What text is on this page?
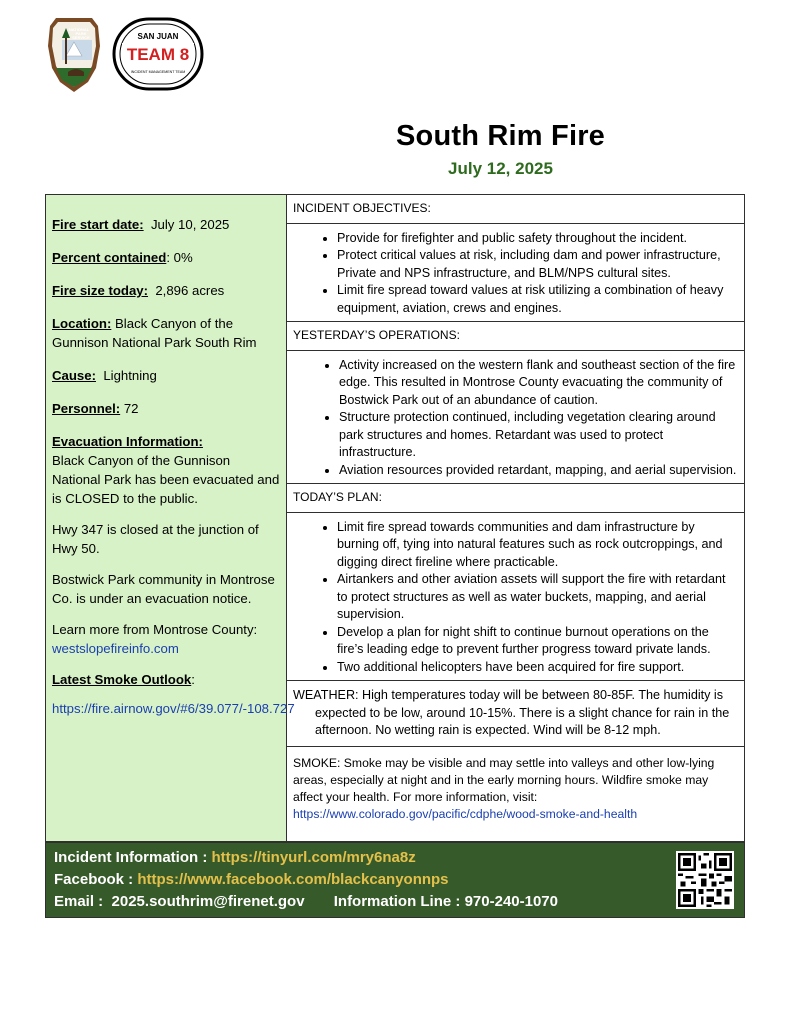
NATIONAL
PARK
SERVICE	SAN JUAN
TEAM 8
INCIDENT MANAGEMENT TEAM
South Rim Fire
July 12, 2025

Fire start date: July 10, 2025

Percent contained: 0%

Fire size today: 2,896 acres

Location: Black Canyon of the Gunnison National Park South Rim

Cause: Lightning

Personnel: 72

Evacuation Information:
Black Canyon of the Gunnison National Park has been evacuated and is CLOSED to the public.

Hwy 347 is closed at the junction of Hwy 50.

Bostwick Park community in Montrose Co. is under an evacuation notice.

Learn more from Montrose County:
westslopefireinfo.com

Latest Smoke Outlook:

https://fire.airnow.gov/#6/39.077/-108.727

INCIDENT OBJECTIVES:
• Provide for firefighter and public safety throughout the incident.
• Protect critical values at risk, including dam and power infrastructure, Private and NPS infrastructure, and BLM/NPS cultural sites.
• Limit fire spread toward values at risk utilizing a combination of heavy equipment, aviation, crews and engines.
YESTERDAY’S OPERATIONS:
• Activity increased on the western flank and southeast section of the fire edge. This resulted in Montrose County evacuating the community of Bostwick Park out of an abundance of caution.
• Structure protection continued, including vegetation clearing around park structures and homes. Retardant was used to protect infrastructure.
• Aviation resources provided retardant, mapping, and aerial supervision.
TODAY’S PLAN:
• Limit fire spread towards communities and dam infrastructure by burning off, tying into natural features such as rock outcroppings, and digging direct fireline where practicable.
• Airtankers and other aviation assets will support the fire with retardant to protect structures as well as water buckets, mapping, and aerial supervision.
• Develop a plan for night shift to continue burnout operations on the fire’s leading edge to prevent further progress toward private lands.
• Two additional helicopters have been acquired for fire support.
WEATHER: High temperatures today will be between 80-85F. The humidity is
expected to be low, around 10-15%. There is a slight chance for rain in the afternoon. No wetting rain is expected. Wind will be 8-12 mph.
SMOKE: Smoke may be visible and may settle into valleys and other low-lying areas, especially at night and in the early morning hours. Wildfire smoke may affect your health. For more information, visit:
https://www.colorado.gov/pacific/cdphe/wood-smoke-and-health
Incident Information : https://tinyurl.com/mry6na8z
Facebook : https://www.facebook.com/blackcanyonnps
Email : 2025.southrim@firenet.gov Information Line : 970-240-1070
